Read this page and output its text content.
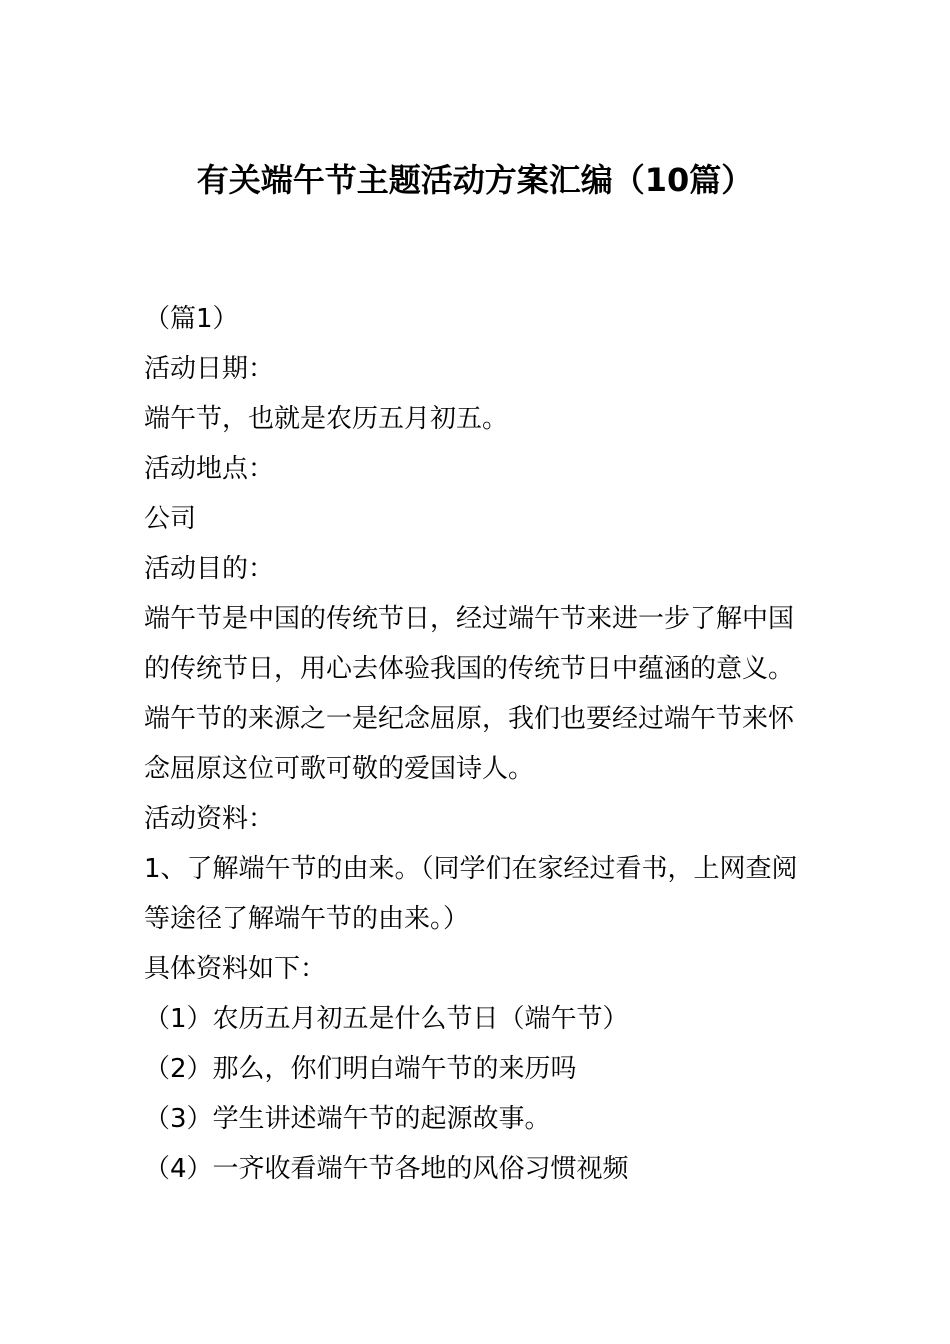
有关端午节主题活动方案汇编（10篇）

（篇1）

活动日期：

端午节，也就是农历五月初五。

活动地点：

公司

活动目的：

端午节是中国的传统节日，经过端午节来进一步了解中国

的传统节日，用心去体验我国的传统节日中蕴涵的意义。

端午节的来源之一是纪念屈原，我们也要经过端午节来怀

念屈原这位可歌可敬的爱国诗人。

活动资料：

1、了解端午节的由来。（同学们在家经过看书，上网查阅

等途径了解端午节的由来。）

具体资料如下：

（1）农历五月初五是什么节日（端午节）

（2）那么，你们明白端午节的来历吗

（3）学生讲述端午节的起源故事。

（4）一齐收看端午节各地的风俗习惯视频
